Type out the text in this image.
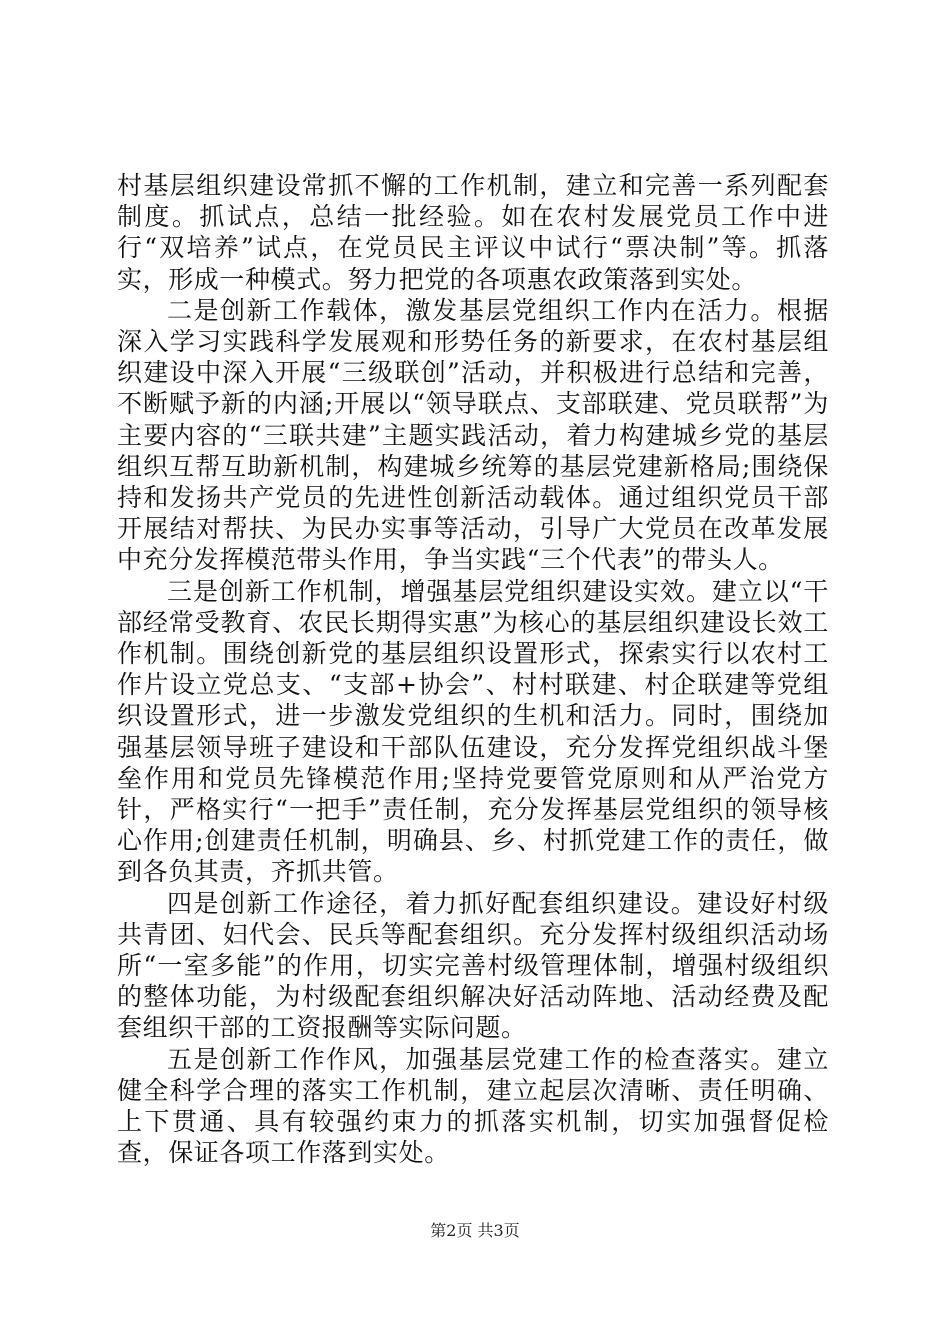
村基层组织建设常抓不懈的工作机制，建立和完善一系列配套制度。抓试点，总结一批经验。如在农村发展党员工作中进行“双培养”试点，在党员民主评议中试行“票决制”等。抓落实，形成一种模式。努力把党的各项惠农政策落到实处。

二是创新工作载体，激发基层党组织工作内在活力。根据深入学习实践科学发展观和形势任务的新要求，在农村基层组织建设中深入开展“三级联创”活动，并积极进行总结和完善，不断赋予新的内涵;开展以“领导联点、支部联建、党员联帮”为主要内容的“三联共建”主题实践活动，着力构建城乡党的基层组织互帮互助新机制，构建城乡统筹的基层党建新格局;围绕保持和发扬共产党员的先进性创新活动载体。通过组织党员干部开展结对帮扶、为民办实事等活动，引导广大党员在改革发展中充分发挥模范带头作用，争当实践“三个代表”的带头人。

三是创新工作机制，增强基层党组织建设实效。建立以“干部经常受教育、农民长期得实惠”为核心的基层组织建设长效工作机制。围绕创新党的基层组织设置形式，探索实行以农村工作片设立党总支、“支部+协会”、村村联建、村企联建等党组织设置形式，进一步激发党组织的生机和活力。同时，围绕加强基层领导班子建设和干部队伍建设，充分发挥党组织战斗堡垒作用和党员先锋模范作用;坚持党要管党原则和从严治党方针，严格实行“一把手”责任制，充分发挥基层党组织的领导核心作用;创建责任机制，明确县、乡、村抓党建工作的责任，做到各负其责，齐抓共管。

四是创新工作途径，着力抓好配套组织建设。建设好村级共青团、妇代会、民兵等配套组织。充分发挥村级组织活动场所“一室多能”的作用，切实完善村级管理体制，增强村级组织的整体功能，为村级配套组织解决好活动阵地、活动经费及配套组织干部的工资报酬等实际问题。

五是创新工作作风，加强基层党建工作的检查落实。建立健全科学合理的落实工作机制，建立起层次清晰、责任明确、上下贯通、具有较强约束力的抓落实机制，切实加强督促检查，保证各项工作落到实处。

第2页 共3页
